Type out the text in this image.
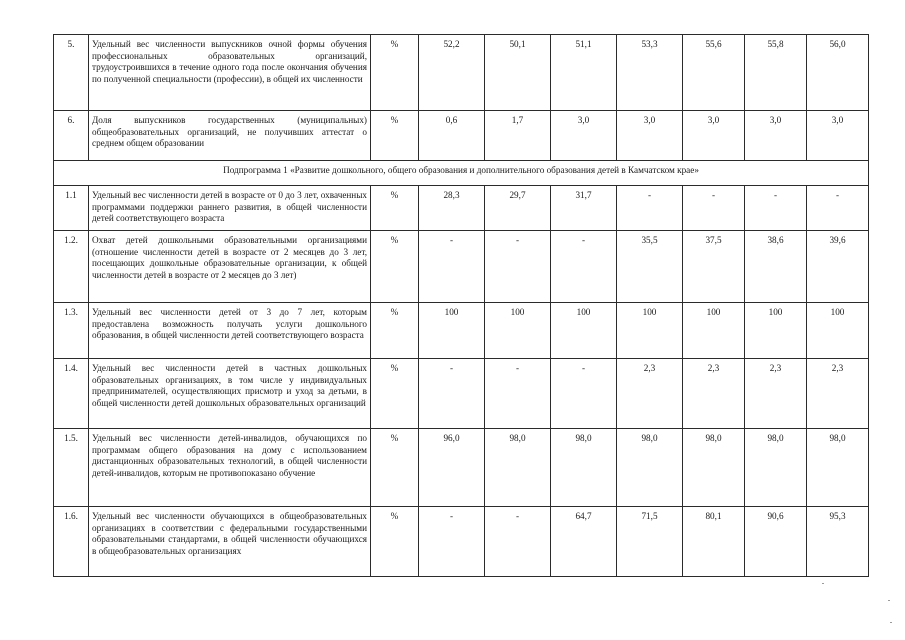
5.	Удельный вес численности выпускников очной формы обучения профессиональных образовательных организаций, трудоустроившихся в течение одного года после окончания обучения по полученной специальности (профессии), в общей их численности	%	52,2	50,1	51,1	53,3	55,6	55,8	56,0
6.	Доля выпускников государственных (муниципальных) общеобразовательных организаций, не получивших аттестат о среднем общем образовании	%	0,6	1,7	3,0	3,0	3,0	3,0	3,0
Подпрограмма 1 «Развитие дошкольного, общего образования и дополнительного образования детей в Камчатском крае»									
1.1	Удельный вес численности детей в возрасте от 0 до 3 лет, охваченных программами поддержки раннего развития, в общей численности детей соответствующего возраста	%	28,3	29,7	31,7	-	-	-	-
1.2.	Охват детей дошкольными образовательными организациями (отношение численности детей в возрасте от 2 месяцев до 3 лет, посещающих дошкольные образовательные организации, к общей численности детей в возрасте от 2 месяцев до 3 лет)	%	-	-	-	35,5	37,5	38,6	39,6
1.3.	Удельный вес численности детей от 3 до 7 лет, которым предоставлена возможность получать услуги дошкольного образования, в общей численности детей соответствующего возраста	%	100	100	100	100	100	100	100
1.4.	Удельный вес численности детей в частных дошкольных образовательных организациях, в том числе у индивидуальных предпринимателей, осуществляющих присмотр и уход за детьми, в общей численности детей дошкольных образовательных организаций	%	-	-	-	2,3	2,3	2,3	2,3
1.5.	Удельный вес численности детей-инвалидов, обучающихся по программам общего образования на дому с использованием дистанционных образовательных технологий, в общей численности детей-инвалидов, которым не противопоказано обучение	%	96,0	98,0	98,0	98,0	98,0	98,0	98,0
1.6.	Удельный вес численности обучающихся в общеобразовательных организациях в соответствии с федеральными государственными образовательными стандартами, в общей численности обучающихся в общеобразовательных организациях	%	-	-	64,7	71,5	80,1	90,6	95,3
